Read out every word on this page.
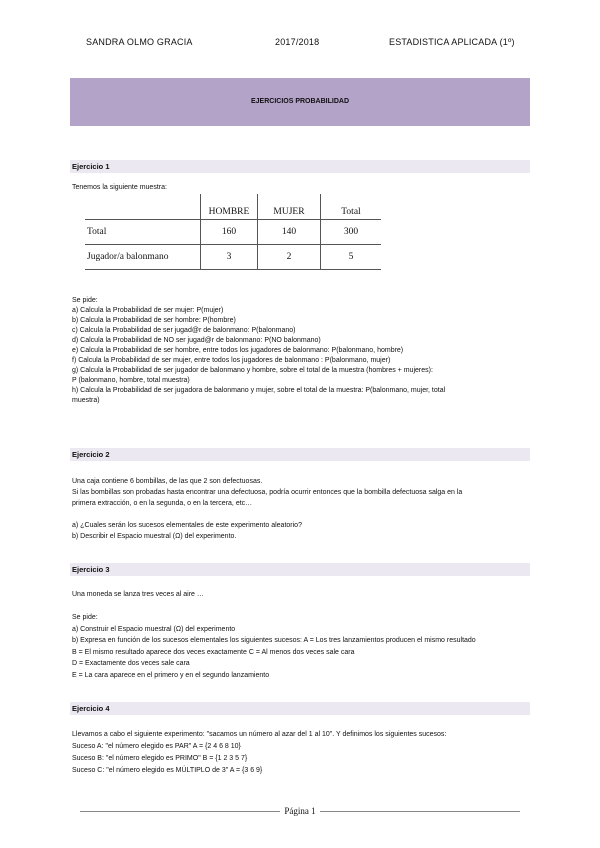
SANDRA OLMO GRACIA	2017/2018	ESTADISTICA APLICADA (1º)
EJERCICIOS PROBABILIDAD
Ejercicio 1
Tenemos la siguiente muestra:
	HOMBRE	MUJER	Total
Total	160	140	300
Jugador/a balonmano	3	2	5
Se pide:
a) Calcula la Probabilidad de ser mujer: P(mujer)
b) Calcula la Probabilidad de ser hombre: P(hombre)
c) Calcula la Probabilidad de ser jugad@r de balonmano: P(balonmano)
d) Calcula la Probabilidad de NO ser jugad@r de balonmano: P(NO balonmano)
e) Calcula la Probabilidad de ser hombre, entre todos los jugadores de balonmano: P(balonmano, hombre)
f) Calcula la Probabilidad de ser mujer, entre todos los jugadores de balonmano : P(balonmano, mujer)
g) Calcula la Probabilidad de ser jugador de balonmano y hombre, sobre el total de la muestra (hombres + mujeres):
P (balonmano, hombre, total muestra)
h) Calcula la Probabilidad de ser jugadora de balonmano y mujer, sobre el total de la muestra: P(balonmano, mujer, total
muestra)
Ejercicio 2
Una caja contiene 6 bombillas, de las que 2 son defectuosas.
Si las bombillas son probadas hasta encontrar una defectuosa, podría ocurrir entonces que la bombilla defectuosa salga en la
primera extracción, o en la segunda, o en la tercera, etc…
a) ¿Cuales serán los sucesos elementales de este experimento aleatorio?
b) Describir el Espacio muestral (Ω) del experimento.
Ejercicio 3
Una moneda se lanza tres veces al aire …
Se pide:
a) Construir el Espacio muestral (Ω) del experimento
b) Expresa en función de los sucesos elementales los siguientes sucesos: A = Los tres lanzamientos producen el mismo resultado
B = El mismo resultado aparece dos veces exactamente C = Al menos dos veces sale cara
D = Exactamente dos veces sale cara
E = La cara aparece en el primero y en el segundo lanzamiento
Ejercicio 4
Llevamos a cabo el siguiente experimento: "sacamos un número al azar del 1 al 10". Y definimos los siguientes sucesos:
Suceso A: "el número elegido es PAR" A = {2 4 6 8 10}
Suceso B: "el número elegido es PRIMO" B = {1 2 3 5 7}
Suceso C: "el número elegido es MÚLTIPLO de 3" A = {3 6 9}
Página 1
